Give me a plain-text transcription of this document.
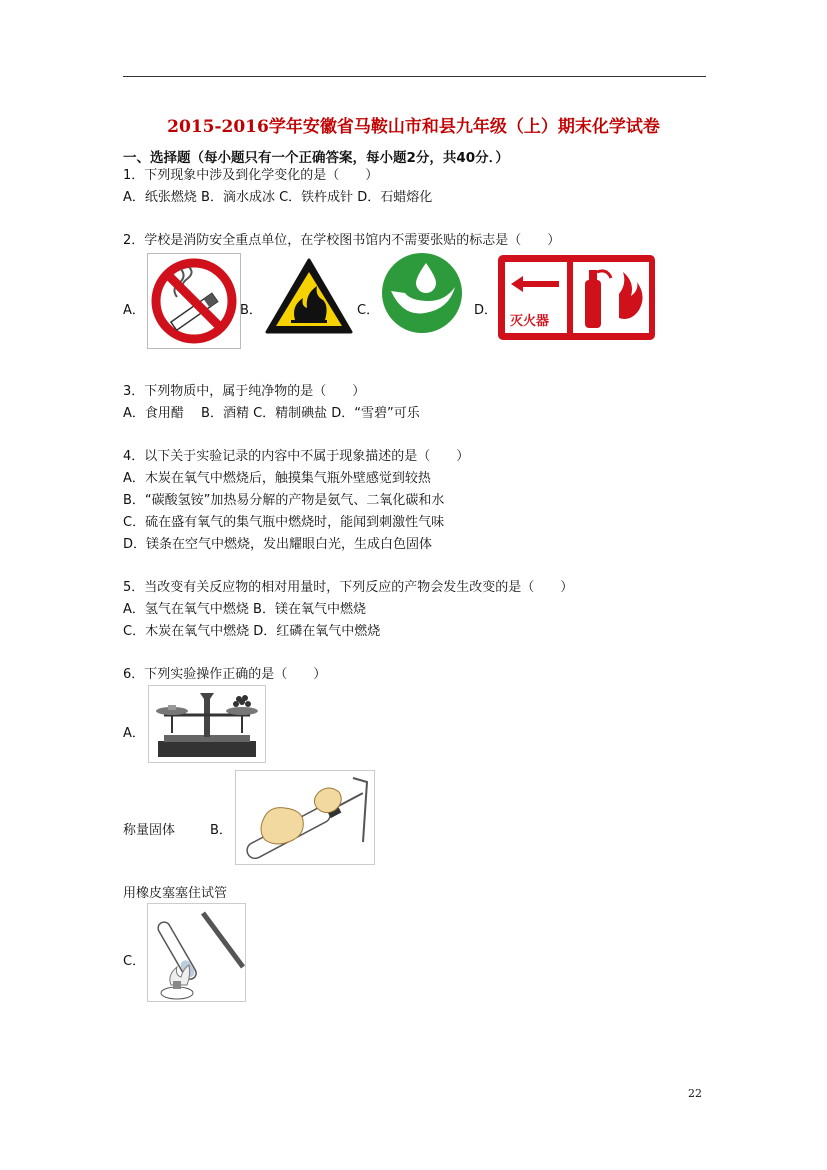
2015-2016学年安徽省马鞍山市和县九年级（上）期末化学试卷
一、选择题（每小题只有一个正确答案，每小题2分，共40分．）
1．下列现象中涉及到化学变化的是（　　）
A．纸张燃烧 B．滴水成冰 C．铁杵成针 D．石蜡熔化
2．学校是消防安全重点单位，在学校图书馆内不需要张贴的标志是（　　）
A．	B．	C．	D．
灭火器
3．下列物质中，属于纯净物的是（　　）
A．食用醋　 B．酒精 C．精制碘盐 D．“雪碧”可乐
4．以下关于实验记录的内容中不属于现象描述的是（　　）
A．木炭在氧气中燃烧后，触摸集气瓶外壁感觉到较热
B．“碳酸氢铵”加热易分解的产物是氨气、二氧化碳和水
C．硫在盛有氧气的集气瓶中燃烧时，能闻到刺激性气味
D．镁条在空气中燃烧，发出耀眼白光，生成白色固体
5．当改变有关反应物的相对用量时，下列反应的产物会发生改变的是（　　）
A．氢气在氧气中燃烧 B．镁在氧气中燃烧
C．木炭在氧气中燃烧 D．红磷在氧气中燃烧
6．下列实验操作正确的是（　　）
A．
称量固体	B．
用橡皮塞塞住试管
C．
22
